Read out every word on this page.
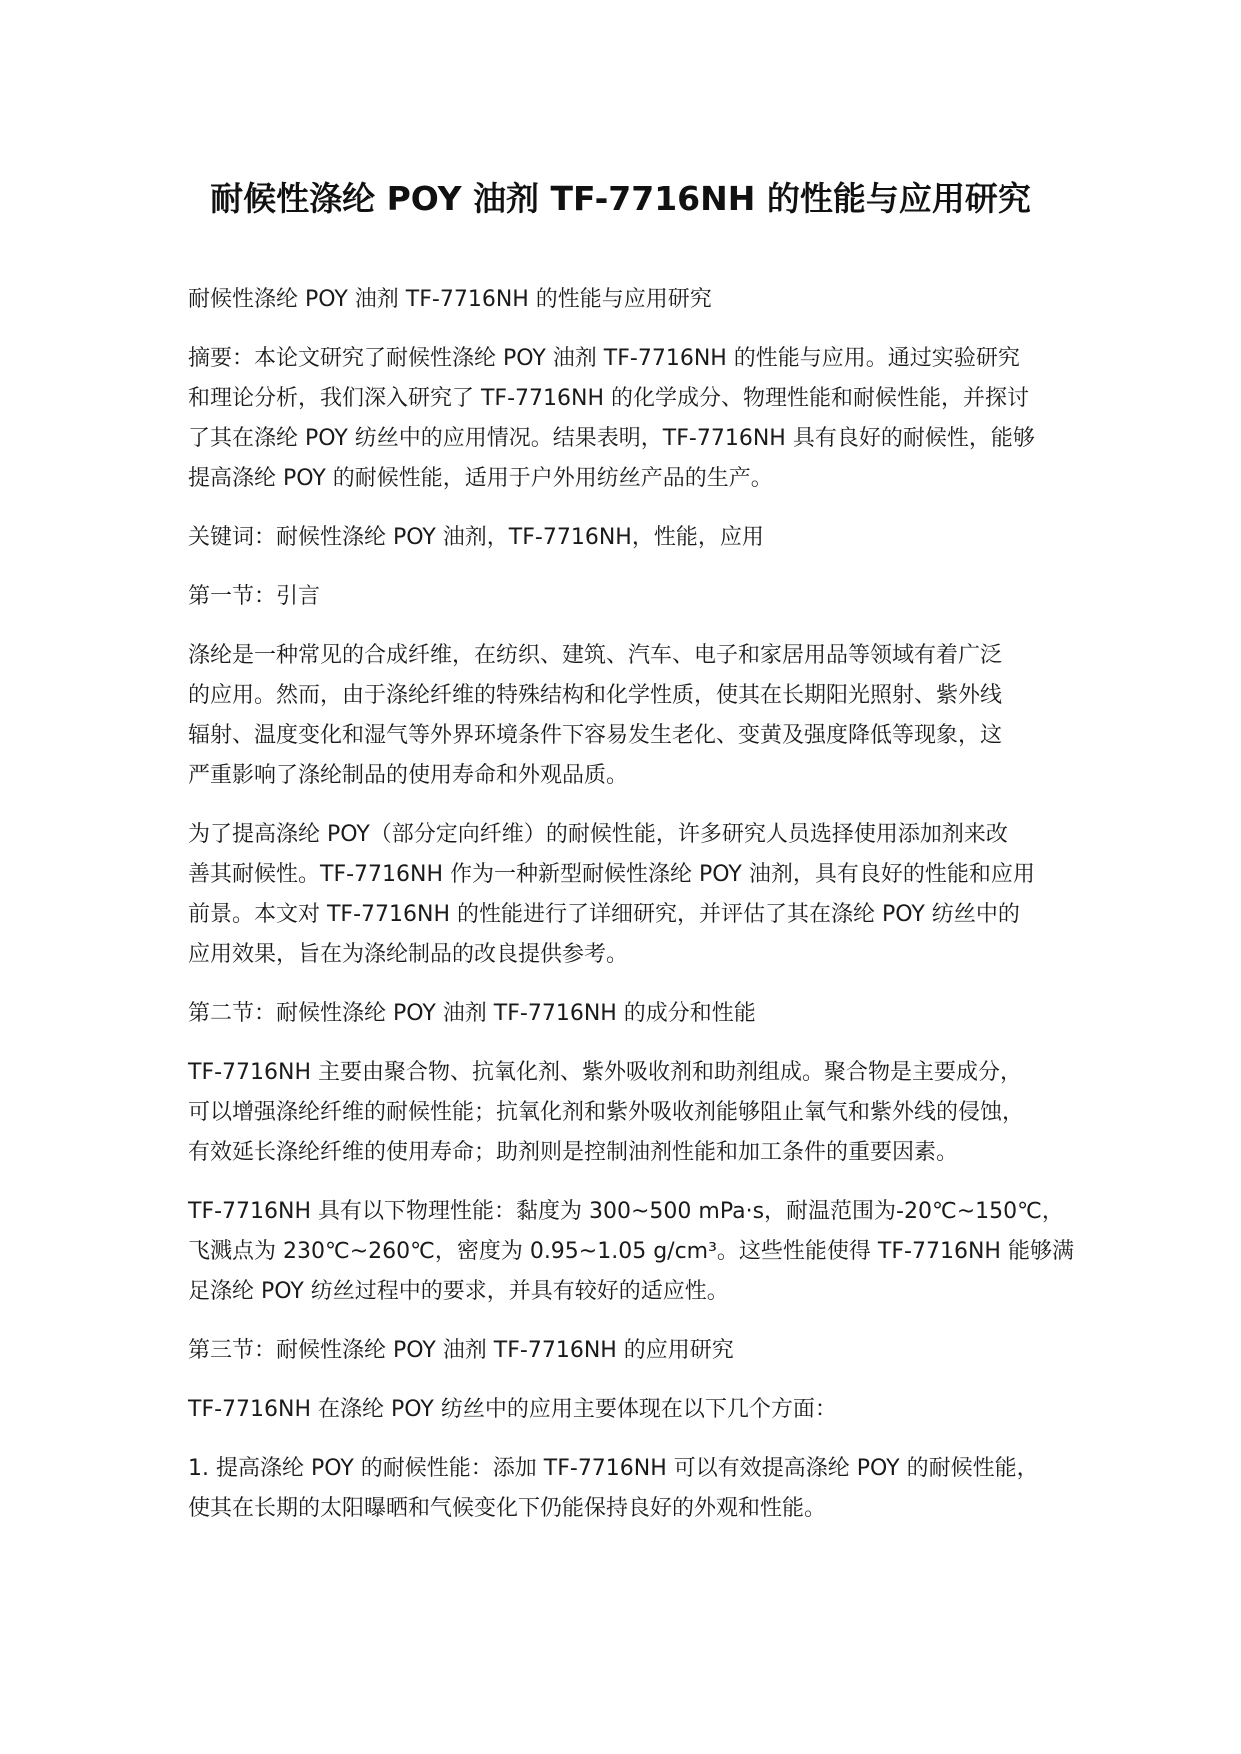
耐候性涤纶 POY 油剂 TF-7716NH 的性能与应用研究

耐候性涤纶 POY 油剂 TF-7716NH 的性能与应用研究

摘要：本论文研究了耐候性涤纶 POY 油剂 TF-7716NH 的性能与应用。通过实验研究
和理论分析，我们深入研究了 TF-7716NH 的化学成分、物理性能和耐候性能，并探讨
了其在涤纶 POY 纺丝中的应用情况。结果表明，TF-7716NH 具有良好的耐候性，能够
提高涤纶 POY 的耐候性能，适用于户外用纺丝产品的生产。

关键词：耐候性涤纶 POY 油剂，TF-7716NH，性能，应用

第一节：引言

涤纶是一种常见的合成纤维，在纺织、建筑、汽车、电子和家居用品等领域有着广泛
的应用。然而，由于涤纶纤维的特殊结构和化学性质，使其在长期阳光照射、紫外线
辐射、温度变化和湿气等外界环境条件下容易发生老化、变黄及强度降低等现象，这
严重影响了涤纶制品的使用寿命和外观品质。

为了提高涤纶 POY（部分定向纤维）的耐候性能，许多研究人员选择使用添加剂来改
善其耐候性。TF-7716NH 作为一种新型耐候性涤纶 POY 油剂，具有良好的性能和应用
前景。本文对 TF-7716NH 的性能进行了详细研究，并评估了其在涤纶 POY 纺丝中的
应用效果，旨在为涤纶制品的改良提供参考。

第二节：耐候性涤纶 POY 油剂 TF-7716NH 的成分和性能

TF-7716NH 主要由聚合物、抗氧化剂、紫外吸收剂和助剂组成。聚合物是主要成分，
可以增强涤纶纤维的耐候性能；抗氧化剂和紫外吸收剂能够阻止氧气和紫外线的侵蚀，
有效延长涤纶纤维的使用寿命；助剂则是控制油剂性能和加工条件的重要因素。

TF-7716NH 具有以下物理性能：黏度为 300~500 mPa·s，耐温范围为-20℃~150℃，
飞溅点为 230℃~260℃，密度为 0.95~1.05 g/cm³。这些性能使得 TF-7716NH 能够满
足涤纶 POY 纺丝过程中的要求，并具有较好的适应性。

第三节：耐候性涤纶 POY 油剂 TF-7716NH 的应用研究

TF-7716NH 在涤纶 POY 纺丝中的应用主要体现在以下几个方面：

1. 提高涤纶 POY 的耐候性能：添加 TF-7716NH 可以有效提高涤纶 POY 的耐候性能，
使其在长期的太阳曝晒和气候变化下仍能保持良好的外观和性能。
